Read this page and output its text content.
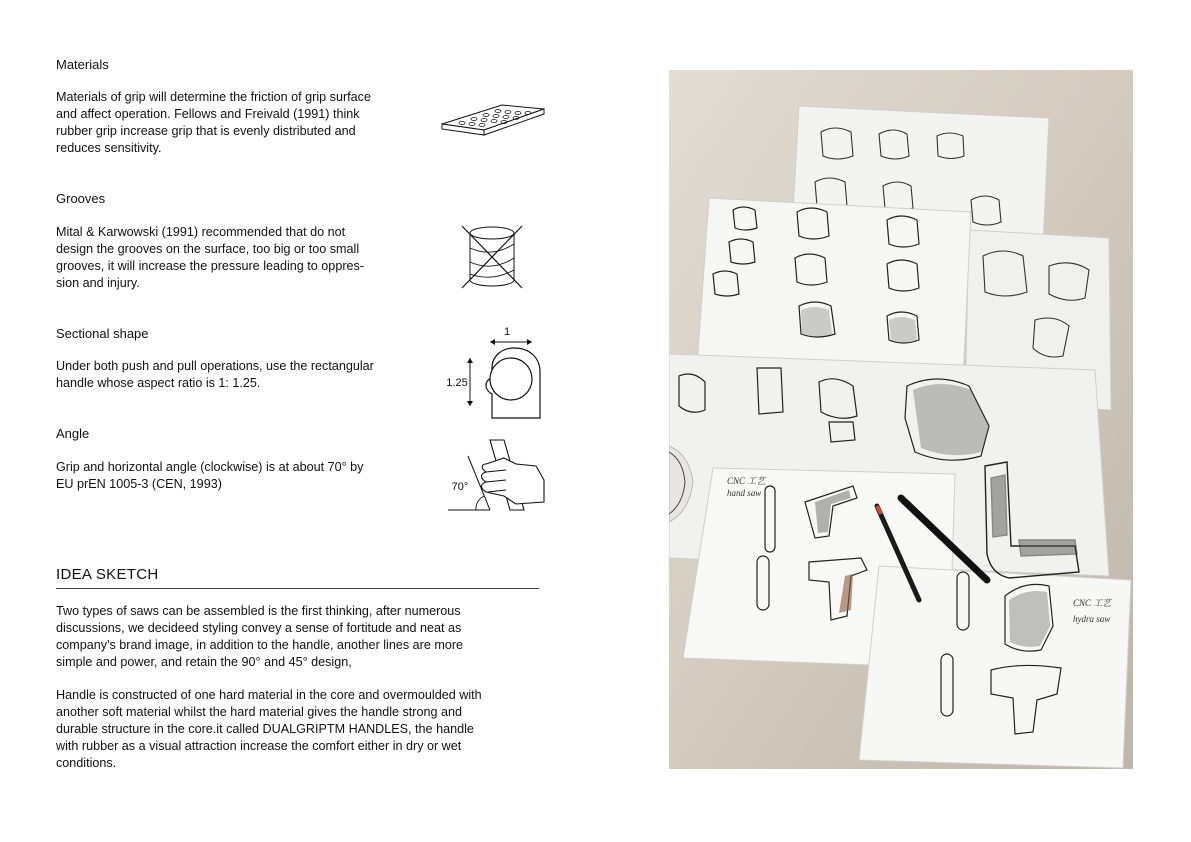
Materials
Materials of grip will determine the friction of grip surface
and affect operation. Fellows and Freivald (1991) think
rubber grip increase grip that is evenly distributed and
reduces sensitivity.
Grooves
Mital & Karwowski (1991) recommended that do not
design the grooves on the surface, too big or too small
grooves, it will increase the pressure leading to oppres-
sion and injury.
Sectional shape
Under both push and pull operations, use the rectangular
handle whose aspect ratio is 1: 1.25.
Angle
Grip and horizontal angle (clockwise) is at about 70° by
EU prEN 1005-3 (CEN, 1993)
IDEA SKETCH
Two types of saws can be assembled is the first thinking, after numerous
discussions, we decideed styling convey a sense of fortitude and neat as
company's brand image, in addition to the handle, another lines are more
simple and power, and retain the 90° and 45° design,
Handle is constructed of one hard material in the core and overmoulded with
another soft material whilst the hard material gives the handle strong and
durable structure in the core.it called DUALGRIPTM HANDLES, the handle
with rubber as a visual attraction increase the comfort either in dry or wet
conditions.
1
1.25
70°	CNC 工艺
hand saw
CNC 工艺
hydra saw
